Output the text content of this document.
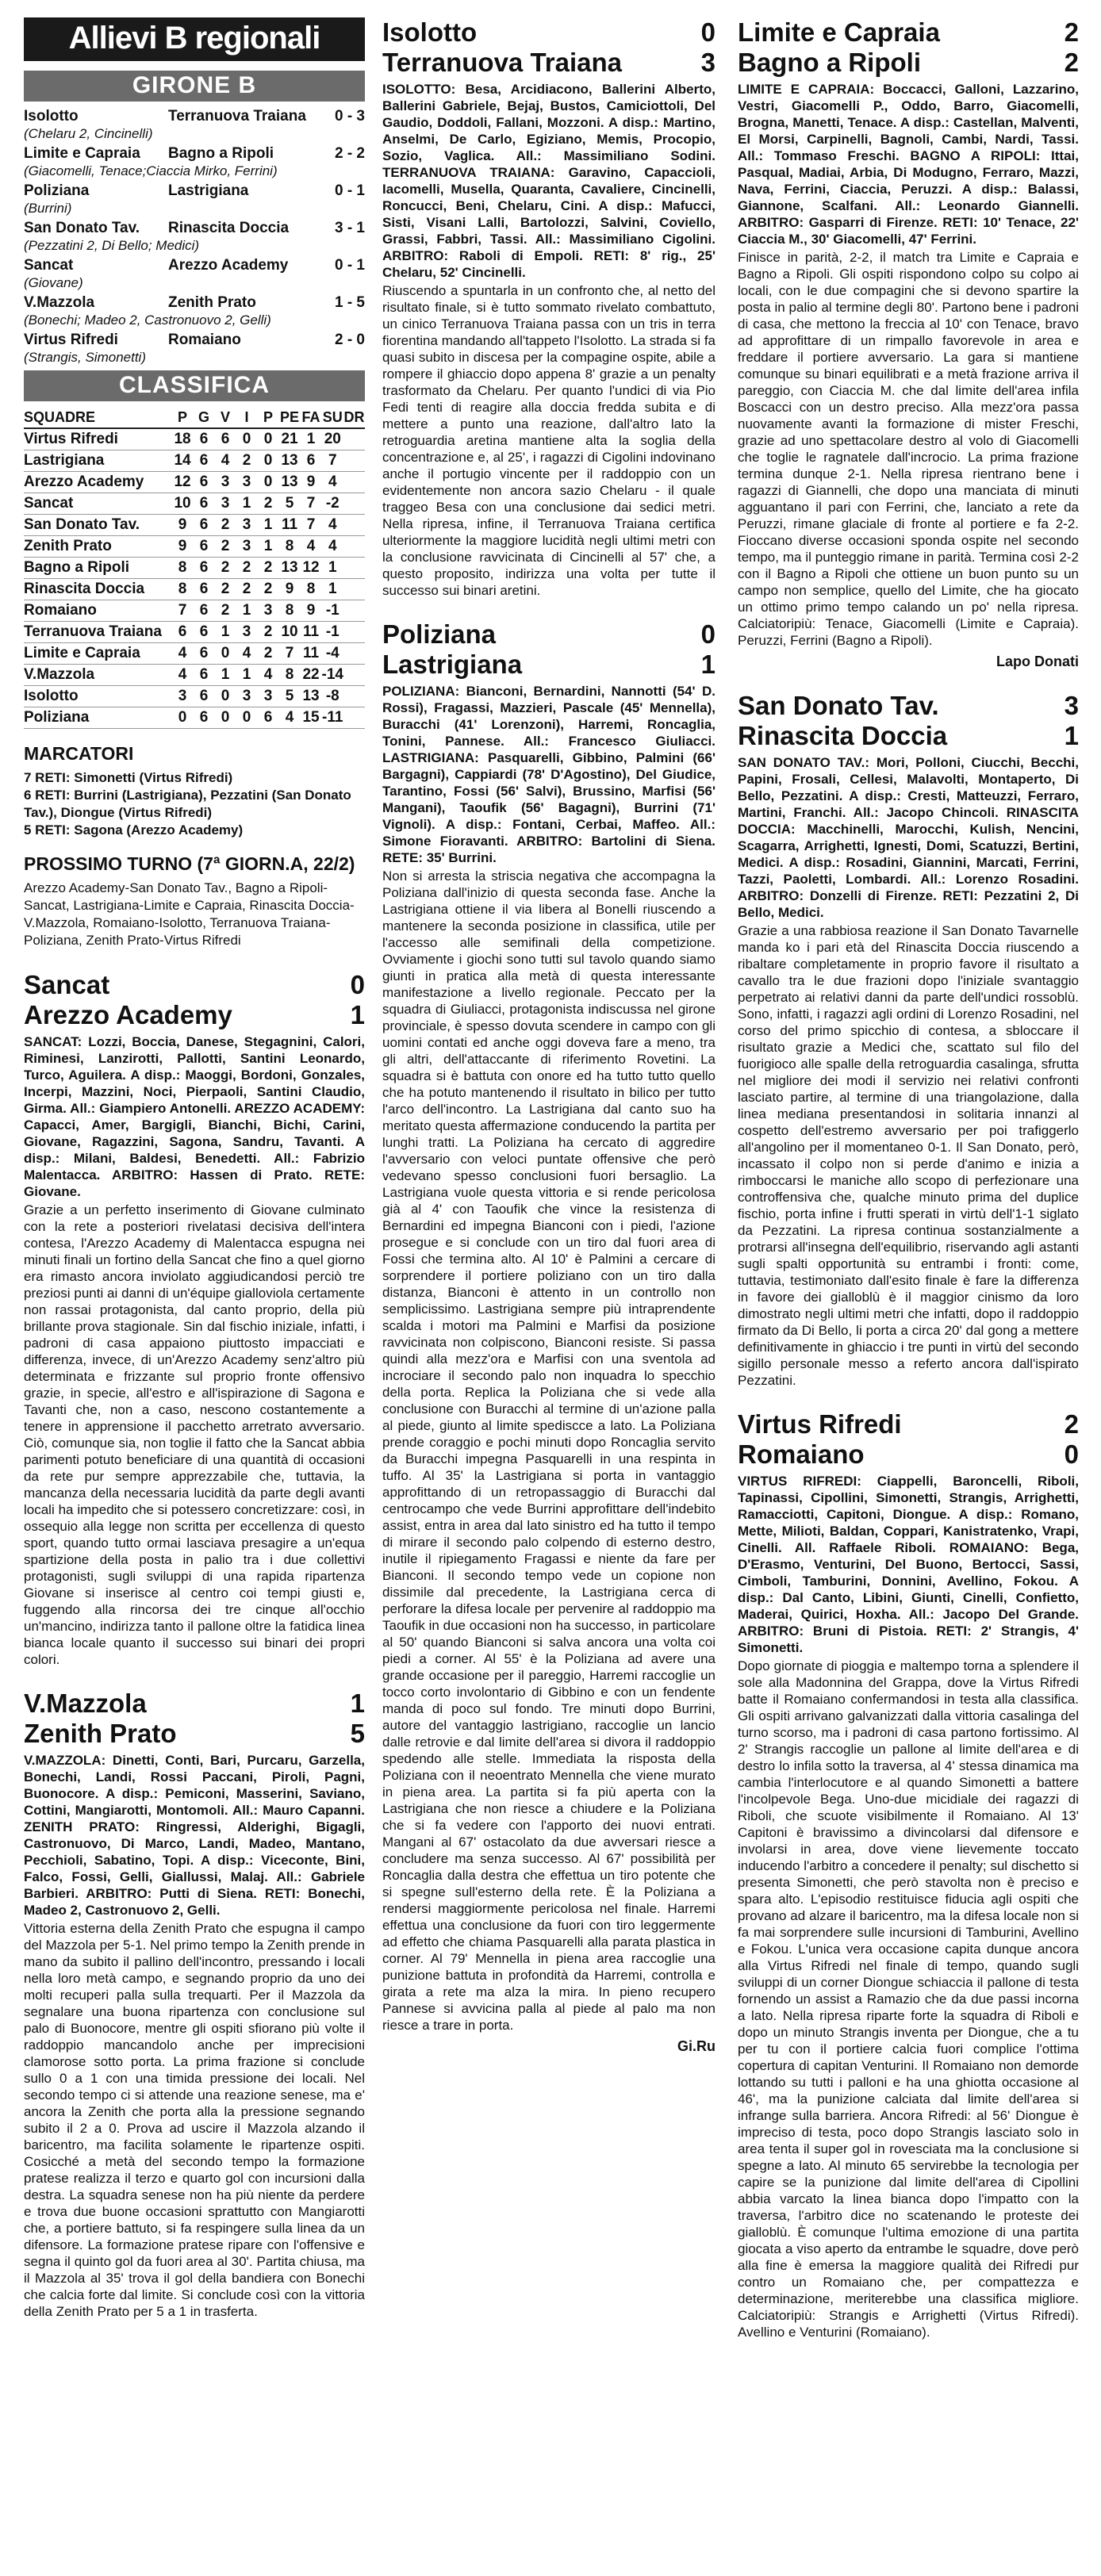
Allievi B regionali
GIRONE B
Isolotto	Terranuova Traiana	0 - 3
(Chelaru 2, Cincinelli)
Limite e Capraia	Bagno a Ripoli	2 - 2
(Giacomelli, Tenace;Ciaccia Mirko, Ferrini)
Poliziana	Lastrigiana	0 - 1
(Burrini)
San Donato Tav.	Rinascita Doccia	3 - 1
(Pezzatini 2, Di Bello; Medici)
Sancat	Arezzo Academy	0 - 1
(Giovane)
V.Mazzola	Zenith Prato	1 - 5
(Bonechi; Madeo 2, Castronuovo 2, Gelli)
Virtus Rifredi	Romaiano	2 - 0
(Strangis, Simonetti)
CLASSIFICA
SQUADRE	P	G	V	I	P	PE	FA	SU	DR
Virtus Rifredi	18	6	6	0	0	21	1	20	
Lastrigiana	14	6	4	2	0	13	6	7	
Arezzo Academy	12	6	3	3	0	13	9	4	
Sancat	10	6	3	1	2	5	7	-2	
San Donato Tav.	9	6	2	3	1	11	7	4	
Zenith Prato	9	6	2	3	1	8	4	4	
Bagno a Ripoli	8	6	2	2	2	13	12	1	
Rinascita Doccia	8	6	2	2	2	9	8	1	
Romaiano	7	6	2	1	3	8	9	-1	
Terranuova Traiana	6	6	1	3	2	10	11	-1	
Limite e Capraia	4	6	0	4	2	7	11	-4	
V.Mazzola	4	6	1	1	4	8	22	-14	
Isolotto	3	6	0	3	3	5	13	-8	
Poliziana	0	6	0	0	6	4	15	-11	
MARCATORI
7 RETI: Simonetti (Virtus Rifredi)
6 RETI: Burrini (Lastrigiana), Pezzatini (San Donato Tav.), Diongue (Virtus Rifredi)
5 RETI: Sagona (Arezzo Academy)
PROSSIMO TURNO (7ª GIORN.A, 22/2)
Arezzo Academy-San Donato Tav., Bagno a Ripoli-Sancat, Lastrigiana-Limite e Capraia, Rinascita Doccia-V.Mazzola, Romaiano-Isolotto, Terranuova Traiana-Poliziana, Zenith Prato-Virtus Rifredi
Sancat	0
Arezzo Academy	1
SANCAT: Lozzi, Boccia, Danese, Stegagnini, Calori, Riminesi, Lanzirotti, Pallotti, Santini Leonardo, Turco, Aguilera. A disp.: Maoggi, Bordoni, Gonzales, Incerpi, Mazzini, Noci, Pierpaoli, Santini Claudio, Girma. All.: Giampiero Antonelli. AREZZO ACADEMY: Capacci, Amer, Bargigli, Bianchi, Bichi, Carini, Giovane, Ragazzini, Sagona, Sandru, Tavanti. A disp.: Milani, Baldesi, Benedetti. All.: Fabrizio Malentacca. ARBITRO: Hassen di Prato. RETE: Giovane.
Grazie a un perfetto inserimento di Giovane culminato con la rete a posteriori rivelatasi decisiva dell'intera contesa, l'Arezzo Academy di Malentacca espugna nei minuti finali un fortino della Sancat che fino a quel giorno era rimasto ancora inviolato aggiudicandosi perciò tre preziosi punti ai danni di un'équipe gialloviola certamente non rassai protagonista, dal canto proprio, della più brillante prova stagionale. Sin dal fischio iniziale, infatti, i padroni di casa appaiono piuttosto impacciati e differenza, invece, di un'Arezzo Academy senz'altro più determinata e frizzante sul proprio fronte offensivo grazie, in specie, all'estro e all'ispirazione di Sagona e Tavanti che, non a caso, nescono costantemente a tenere in apprensione il pacchetto arretrato avversario. Ciò, comunque sia, non toglie il fatto che la Sancat abbia parimenti potuto beneficiare di una quantità di occasioni da rete pur sempre apprezzabile che, tuttavia, la mancanza della necessaria lucidità da parte degli avanti locali ha impedito che si potessero concretizzare: così, in ossequio alla legge non scritta per eccellenza di questo sport, quando tutto ormai lasciava presagire a un'equa spartizione della posta in palio tra i due collettivi protagonisti, sugli sviluppi di una rapida ripartenza Giovane si inserisce al centro coi tempi giusti e, fuggendo alla rincorsa dei tre cinque all'occhio un'mancino, indirizza tanto il pallone oltre la fatidica linea bianca locale quanto il successo sui binari dei propri colori.
V.Mazzola	1
Zenith Prato	5
V.MAZZOLA: Dinetti, Conti, Bari, Purcaru, Garzella, Bonechi, Landi, Rossi Paccani, Piroli, Pagni, Buonocore. A disp.: Pemiconi, Masserini, Saviano, Cottini, Mangiarotti, Montomoli. All.: Mauro Capanni. ZENITH PRATO: Ringressi, Alderighi, Bigagli, Castronuovo, Di Marco, Landi, Madeo, Mantano, Pecchioli, Sabatino, Topi. A disp.: Viceconte, Bini, Falco, Fossi, Gelli, Giallussi, Malaj. All.: Gabriele Barbieri. ARBITRO: Putti di Siena. RETI: Bonechi, Madeo 2, Castronuovo 2, Gelli.
Vittoria esterna della Zenith Prato che espugna il campo del Mazzola per 5-1. Nel primo tempo la Zenith prende in mano da subito il pallino dell'incontro, pressando i locali nella loro metà campo, e segnando proprio da uno dei molti recuperi palla sulla trequarti. Per il Mazzola da segnalare una buona ripartenza con conclusione sul palo di Buonocore, mentre gli ospiti sfiorano più volte il raddoppio mancandolo anche per imprecisioni clamorose sotto porta. La prima frazione si conclude sullo 0 a 1 con una timida pressione dei locali. Nel secondo tempo ci si attende una reazione senese, ma e' ancora la Zenith che porta alla la pressione segnando subito il 2 a 0. Prova ad uscire il Mazzola alzando il baricentro, ma facilita solamente le ripartenze ospiti. Cosicché a metà del secondo tempo la formazione pratese realizza il terzo e quarto gol con incursioni dalla destra. La squadra senese non ha più niente da perdere e trova due buone occasioni sprattutto con Mangiarotti che, a portiere battuto, si fa respingere sulla linea da un difensore. La formazione pratese ripare con l'offensive e segna il quinto gol da fuori area al 30'. Partita chiusa, ma il Mazzola al 35' trova il gol della bandiera con Bonechi che calcia forte dal limite. Si conclude così con la vittoria della Zenith Prato per 5 a 1 in trasferta.
Isolotto	0
Terranuova Traiana	3
ISOLOTTO: Besa, Arcidiacono, Ballerini Alberto, Ballerini Gabriele, Bejaj, Bustos, Camiciottoli, Del Gaudio, Doddoli, Fallani, Mozzoni. A disp.: Martino, Anselmi, De Carlo, Egiziano, Memis, Procopio, Sozio, Vaglica. All.: Massimiliano Sodini. TERRANUOVA TRAIANA: Garavino, Capaccioli, Iacomelli, Musella, Quaranta, Cavaliere, Cincinelli, Roncucci, Beni, Chelaru, Cini. A disp.: Mafucci, Sisti, Visani Lalli, Bartolozzi, Salvini, Coviello, Grassi, Fabbri, Tassi. All.: Massimiliano Cigolini. ARBITRO: Raboli di Empoli. RETI: 8' rig., 25' Chelaru, 52' Cincinelli.
Riuscendo a spuntarla in un confronto che, al netto del risultato finale, si è tutto sommato rivelato combattuto, un cinico Terranuova Traiana passa con un tris in terra fiorentina mandando all'tappeto l'Isolotto. La strada si fa quasi subito in discesa per la compagine ospite, abile a rompere il ghiaccio dopo appena 8' grazie a un penalty trasformato da Chelaru. Per quanto l'undici di via Pio Fedi tenti di reagire alla doccia fredda subita e di mettere a punto una reazione, dall'altro lato la retroguardia aretina mantiene alta la soglia della concentrazione e, al 25', i ragazzi di Cigolini indovinano anche il portugio vincente per il raddoppio con un evidentemente non ancora sazio Chelaru - il quale traggeo Besa con una conclusione dai sedici metri. Nella ripresa, infine, il Terranuova Traiana certifica ulteriormente la maggiore lucidità negli ultimi metri con la conclusione ravvicinata di Cincinelli al 57' che, a questo proposito, indirizza una volta per tutte il successo sui binari aretini.
Poliziana	0
Lastrigiana	1
POLIZIANA: Bianconi, Bernardini, Nannotti (54' D. Rossi), Fragassi, Mazzieri, Pascale (45' Mennella), Buracchi (41' Lorenzoni), Harremi, Roncaglia, Tonini, Pannese. All.: Francesco Giuliacci. LASTRIGIANA: Pasquarelli, Gibbino, Palmini (66' Bargagni), Cappiardi (78' D'Agostino), Del Giudice, Tarantino, Fossi (56' Salvi), Brussino, Marfisi (56' Mangani), Taoufik (56' Bagagni), Burrini (71' Vignoli). A disp.: Fontani, Cerbai, Maffeo. All.: Simone Fioravanti. ARBITRO: Bartolini di Siena. RETE: 35' Burrini.
Non si arresta la striscia negativa che accompagna la Poliziana dall'inizio di questa seconda fase. Anche la Lastrigiana ottiene il via libera al Bonelli riuscendo a mantenere la seconda posizione in classifica, utile per l'accesso alle semifinali della competizione. Ovviamente i giochi sono tutti sul tavolo quando siamo giunti in pratica alla metà di questa interessante manifestazione a livello regionale. Peccato per la squadra di Giuliacci, protagonista indiscussa nel girone provinciale, è spesso dovuta scendere in campo con gli uomini contati ed anche oggi doveva fare a meno, tra gli altri, dell'attaccante di riferimento Rovetini. La squadra si è battuta con onore ed ha tutto tutto quello che ha potuto mantenendo il risultato in bilico per tutto l'arco dell'incontro. La Lastrigiana dal canto suo ha meritato questa affermazione conducendo la partita per lunghi tratti. La Poliziana ha cercato di aggredire l'avversario con veloci puntate offensive che però vedevano spesso conclusioni fuori bersaglio. La Lastrigiana vuole questa vittoria e si rende pericolosa già al 4' con Taoufik che vince la resistenza di Bernardini ed impegna Bianconi con i piedi, l'azione prosegue e si conclude con un tiro dal fuori area di Fossi che termina alto. Al 10' è Palmini a cercare di sorprendere il portiere poliziano con un tiro dalla distanza, Bianconi è attento in un controllo non semplicissimo. Lastrigiana sempre più intraprendente scalda i motori ma Palmini e Marfisi da posizione ravvicinata non colpiscono, Bianconi resiste. Si passa quindi alla mezz'ora e Marfisi con una sventola ad incrociare il secondo palo non inquadra lo specchio della porta. Replica la Poliziana che si vede alla conclusione con Buracchi al termine di un'azione palla al piede, giunto al limite spediscce a lato. La Poliziana prende coraggio e pochi minuti dopo Roncaglia servito da Buracchi impegna Pasquarelli in una respinta in tuffo. Al 35' la Lastrigiana si porta in vantaggio approfittando di un retropassaggio di Buracchi dal centrocampo che vede Burrini approfittare dell'indebito assist, entra in area dal lato sinistro ed ha tutto il tempo di mirare il secondo palo colpendo di esterno destro, inutile il ripiegamento Fragassi e niente da fare per Bianconi. Il secondo tempo vede un copione non dissimile dal precedente, la Lastrigiana cerca di perforare la difesa locale per pervenire al raddoppio ma Taoufik in due occasioni non ha successo, in particolare al 50' quando Bianconi si salva ancora una volta coi piedi a corner. Al 55' è la Poliziana ad avere una grande occasione per il pareggio, Harremi raccoglie un tocco corto involontario di Gibbino e con un fendente manda di poco sul fondo. Tre minuti dopo Burrini, autore del vantaggio lastrigiano, raccoglie un lancio dalle retrovie e dal limite dell'area si divora il raddoppio spedendo alle stelle. Immediata la risposta della Poliziana con il neoentrato Mennella che viene murato in piena area. La partita si fa più aperta con la Lastrigiana che non riesce a chiudere e la Poliziana che si fa vedere con l'apporto dei nuovi entrati. Mangani al 67' ostacolato da due avversari riesce a concludere ma senza successo. Al 67' possibilità per Roncaglia dalla destra che effettua un tiro potente che si spegne sull'esterno della rete. È la Poliziana a rendersi maggiormente pericolosa nel finale. Harremi effettua una conclusione da fuori con tiro leggermente ad effetto che chiama Pasquarelli alla parata plastica in corner. Al 79' Mennella in piena area raccoglie una punizione battuta in profondità da Harremi, controlla e girata a rete ma alza la mira. In pieno recupero Pannese si avvicina palla al piede al palo ma non riesce a trare in porta.
Gi.Ru
Limite e Capraia	2
Bagno a Ripoli	2
LIMITE E CAPRAIA: Boccacci, Galloni, Lazzarino, Vestri, Giacomelli P., Oddo, Barro, Giacomelli, Brogna, Manetti, Tenace. A disp.: Castellan, Malventi, El Morsi, Carpinelli, Bagnoli, Cambi, Nardi, Tassi. All.: Tommaso Freschi. BAGNO A RIPOLI: Ittai, Pasqual, Madiai, Arbia, Di Modugno, Ferraro, Mazzi, Nava, Ferrini, Ciaccia, Peruzzi. A disp.: Balassi, Giannone, Scalfani. All.: Leonardo Giannelli. ARBITRO: Gasparri di Firenze. RETI: 10' Tenace, 22' Ciaccia M., 30' Giacomelli, 47' Ferrini.
Finisce in parità, 2-2, il match tra Limite e Capraia e Bagno a Ripoli. Gli ospiti rispondono colpo su colpo ai locali, con le due compagini che si devono spartire la posta in palio al termine degli 80'. Partono bene i padroni di casa, che mettono la freccia al 10' con Tenace, bravo ad approfittare di un rimpallo favorevole in area e freddare il portiere avversario. La gara si mantiene comunque su binari equilibrati e a metà frazione arriva il pareggio, con Ciaccia M. che dal limite dell'area infila Boscacci con un destro preciso. Alla mezz'ora passa nuovamente avanti la formazione di mister Freschi, grazie ad uno spettacolare destro al volo di Giacomelli che toglie le ragnatele dall'incrocio. La prima frazione termina dunque 2-1. Nella ripresa rientrano bene i ragazzi di Giannelli, che dopo una manciata di minuti agguantano il pari con Ferrini, che, lanciato a rete da Peruzzi, rimane glaciale di fronte al portiere e fa 2-2. Fioccano diverse occasioni sponda ospite nel secondo tempo, ma il punteggio rimane in parità. Termina così 2-2 con il Bagno a Ripoli che ottiene un buon punto su un campo non semplice, quello del Limite, che ha giocato un ottimo primo tempo calando un po' nella ripresa. Calciatoripiù: Tenace, Giacomelli (Limite e Capraia). Peruzzi, Ferrini (Bagno a Ripoli).
Lapo Donati
San Donato Tav.	3
Rinascita Doccia	1
SAN DONATO TAV.: Mori, Polloni, Ciucchi, Becchi, Papini, Frosali, Cellesi, Malavolti, Montaperto, Di Bello, Pezzatini. A disp.: Cresti, Matteuzzi, Ferraro, Martini, Franchi. All.: Jacopo Chincoli. RINASCITA DOCCIA: Macchinelli, Marocchi, Kulish, Nencini, Scagarra, Arrighetti, Ignesti, Domi, Scatuzzi, Bertini, Medici. A disp.: Rosadini, Giannini, Marcati, Ferrini, Tazzi, Paoletti, Lombardi. All.: Lorenzo Rosadini. ARBITRO: Donzelli di Firenze. RETI: Pezzatini 2, Di Bello, Medici.
Grazie a una rabbiosa reazione il San Donato Tavarnelle manda ko i pari età del Rinascita Doccia riuscendo a ribaltare completamente in proprio favore il risultato a cavallo tra le due frazioni dopo l'iniziale svantaggio perpetrato ai relativi danni da parte dell'undici rossoblù. Sono, infatti, i ragazzi agli ordini di Lorenzo Rosadini, nel corso del primo spicchio di contesa, a sbloccare il risultato grazie a Medici che, scattato sul filo del fuorigioco alle spalle della retroguardia casalinga, sfrutta nel migliore dei modi il servizio nei relativi confronti lasciato partire, al termine di una triangolazione, dalla linea mediana presentandosi in solitaria innanzi al cospetto dell'estremo avversario per poi trafiggerlo all'angolino per il momentaneo 0-1. Il San Donato, però, incassato il colpo non si perde d'animo e inizia a rimboccarsi le maniche allo scopo di perfezionare una controffensiva che, qualche minuto prima del duplice fischio, porta infine i frutti sperati in virtù dell'1-1 siglato da Pezzatini. La ripresa continua sostanzialmente a protrarsi all'insegna dell'equilibrio, riservando agli astanti sugli spalti opportunità su entrambi i fronti: come, tuttavia, testimoniato dall'esito finale è fare la differenza in favore dei gialloblù è il maggior cinismo da loro dimostrato negli ultimi metri che infatti, dopo il raddoppio firmato da Di Bello, li porta a circa 20' dal gong a mettere definitivamente in ghiaccio i tre punti in virtù del secondo sigillo personale messo a referto ancora dall'ispirato Pezzatini.
Virtus Rifredi	2
Romaiano	0
VIRTUS RIFREDI: Ciappelli, Baroncelli, Riboli, Tapinassi, Cipollini, Simonetti, Strangis, Arrighetti, Ramacciotti, Capitoni, Diongue. A disp.: Romano, Mette, Milioti, Baldan, Coppari, Kanistratenko, Vrapi, Cinelli. All. Raffaele Riboli. ROMAIANO: Bega, D'Erasmo, Venturini, Del Buono, Bertocci, Sassi, Cimboli, Tamburini, Donnini, Avellino, Fokou. A disp.: Dal Canto, Libini, Giunti, Cinelli, Confietto, Maderai, Quirici, Hoxha. All.: Jacopo Del Grande. ARBITRO: Bruni di Pistoia. RETI: 2' Strangis, 4' Simonetti.
Dopo giornate di pioggia e maltempo torna a splendere il sole alla Madonnina del Grappa, dove la Virtus Rifredi batte il Romaiano confermandosi in testa alla classifica. Gli ospiti arrivano galvanizzati dalla vittoria casalinga del turno scorso, ma i padroni di casa partono fortissimo. Al 2' Strangis raccoglie un pallone al limite dell'area e di destro lo infila sotto la traversa, al 4' stessa dinamica ma cambia l'interlocutore e al quando Simonetti a battere l'incolpevole Bega. Uno-due micidiale dei ragazzi di Riboli, che scuote visibilmente il Romaiano. Al 13' Capitoni è bravissimo a divincolarsi dal difensore e involarsi in area, dove viene lievemente toccato inducendo l'arbitro a concedere il penalty; sul dischetto si presenta Simonetti, che però stavolta non è preciso e spara alto. L'episodio restituisce fiducia agli ospiti che provano ad alzare il baricentro, ma la difesa locale non si fa mai sorprendere sulle incursioni di Tamburini, Avellino e Fokou. L'unica vera occasione capita dunque ancora alla Virtus Rifredi nel finale di tempo, quando sugli sviluppi di un corner Diongue schiaccia il pallone di testa fornendo un assist a Ramazio che da due passi incorna a lato. Nella ripresa riparte forte la squadra di Riboli e dopo un minuto Strangis inventa per Diongue, che a tu per tu con il portiere calcia fuori complice l'ottima copertura di capitan Venturini. Il Romaiano non demorde lottando su tutti i palloni e ha una ghiotta occasione al 46', ma la punizione calciata dal limite dell'area si infrange sulla barriera. Ancora Rifredi: al 56' Diongue è impreciso di testa, poco dopo Strangis lasciato solo in area tenta il super gol in rovesciata ma la conclusione si spegne a lato. Al minuto 65 servirebbe la tecnologia per capire se la punizione dal limite dell'area di Cipollini abbia varcato la linea bianca dopo l'impatto con la traversa, l'arbitro dice no scatenando le proteste dei gialloblù. È comunque l'ultima emozione di una partita giocata a viso aperto da entrambe le squadre, dove però alla fine è emersa la maggiore qualità dei Rifredi pur contro un Romaiano che, per compattezza e determinazione, meriterebbe una classifica migliore. Calciatoripiù: Strangis e Arrighetti (Virtus Rifredi). Avellino e Venturini (Romaiano).
